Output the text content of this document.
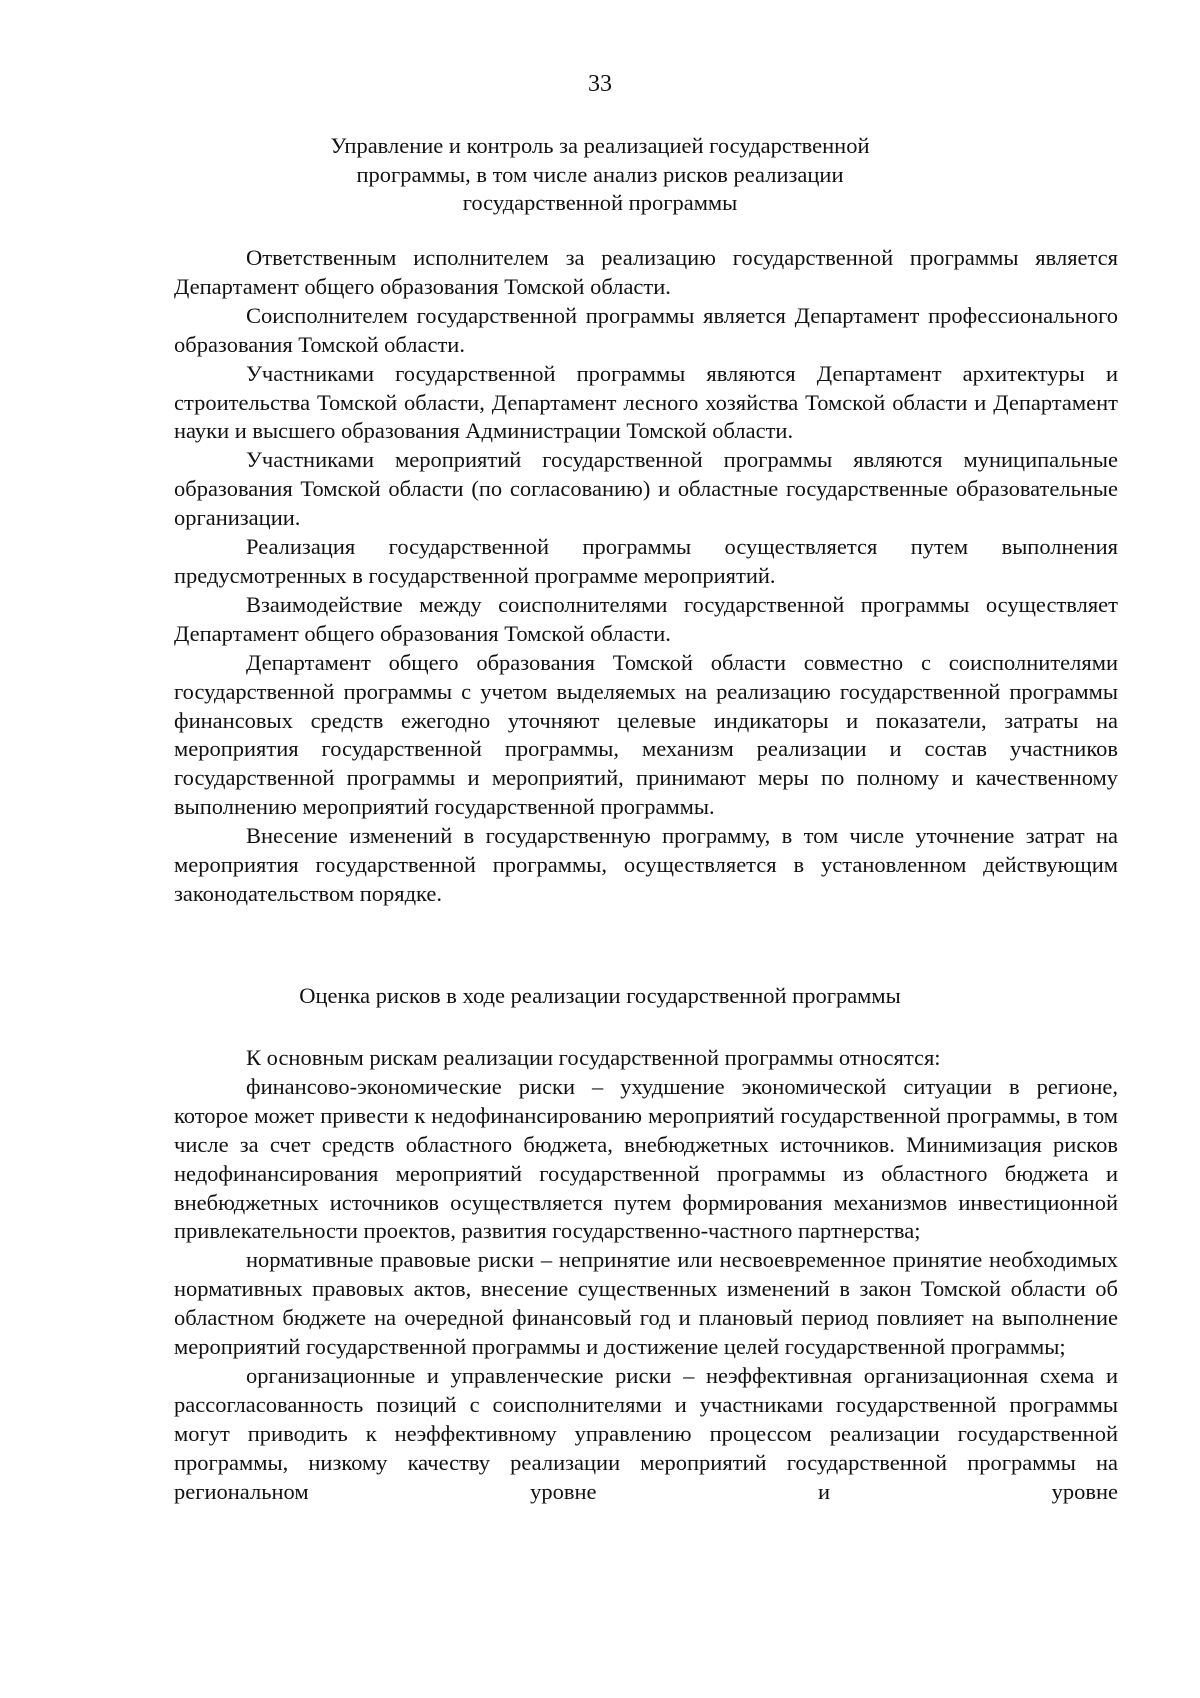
33
Управление и контроль за реализацией государственной
программы, в том числе анализ рисков реализации
государственной программы

Ответственным исполнителем за реализацию государственной программы является Департамент общего образования Томской области.

Соисполнителем государственной программы является Департамент профессионального образования Томской области.

Участниками государственной программы являются Департамент архитектуры и строительства Томской области, Департамент лесного хозяйства Томской области и Департамент науки и высшего образования Администрации Томской области.

Участниками мероприятий государственной программы являются муниципальные образования Томской области (по согласованию) и областные государственные образовательные организации.

Реализация государственной программы осуществляется путем выполнения предусмотренных в государственной программе мероприятий.

Взаимодействие между соисполнителями государственной программы осуществляет Департамент общего образования Томской области.

Департамент общего образования Томской области совместно с соисполнителями государственной программы с учетом выделяемых на реализацию государственной программы финансовых средств ежегодно уточняют целевые индикаторы и показатели, затраты на мероприятия государственной программы, механизм реализации и состав участников государственной программы и мероприятий, принимают меры по полному и качественному выполнению мероприятий государственной программы.

Внесение изменений в государственную программу, в том числе уточнение затрат на мероприятия государственной программы, осуществляется в установленном действующим законодательством порядке.

Оценка рисков в ходе реализации государственной программы

К основным рискам реализации государственной программы относятся:

финансово-экономические риски – ухудшение экономической ситуации в регионе, которое может привести к недофинансированию мероприятий государственной программы, в том числе за счет средств областного бюджета, внебюджетных источников. Минимизация рисков недофинансирования мероприятий государственной программы из областного бюджета и внебюджетных источников осуществляется путем формирования механизмов инвестиционной привлекательности проектов, развития государственно-частного партнерства;

нормативные правовые риски – непринятие или несвоевременное принятие необходимых нормативных правовых актов, внесение существенных изменений в закон Томской области об областном бюджете на очередной финансовый год и плановый период повлияет на выполнение мероприятий государственной программы и достижение целей государственной программы;

организационные и управленческие риски – неэффективная организационная схема и рассогласованность позиций с соисполнителями и участниками государственной программы могут приводить к неэффективному управлению процессом реализации государственной программы, низкому качеству реализации мероприятий государственной программы на региональном уровне и уровне
